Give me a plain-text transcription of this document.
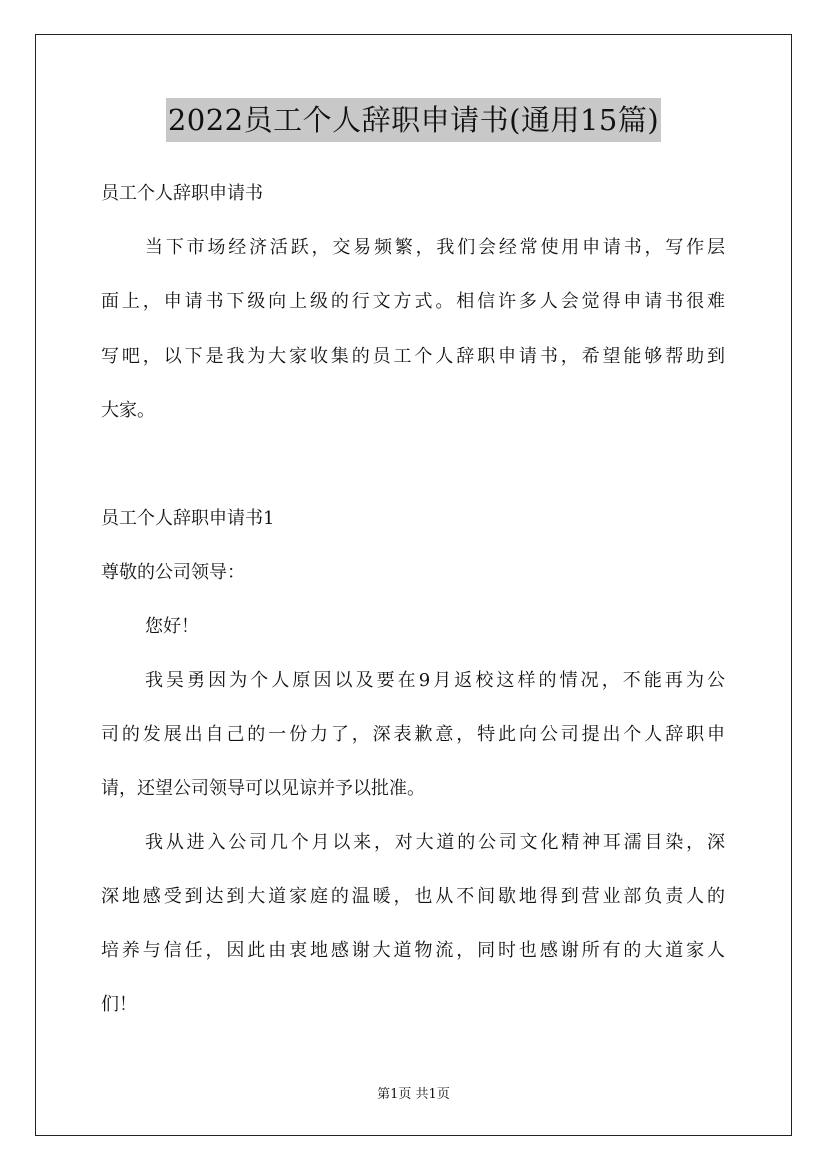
2022员工个人辞职申请书(通用15篇)
员工个人辞职申请书
当下市场经济活跃，交易频繁，我们会经常使用申请书，写作层
面上，申请书下级向上级的行文方式。相信许多人会觉得申请书很难
写吧，以下是我为大家收集的员工个人辞职申请书，希望能够帮助到
大家。
员工个人辞职申请书1
尊敬的公司领导：
您好！
我吴勇因为个人原因以及要在9月返校这样的情况，不能再为公
司的发展出自己的一份力了，深表歉意，特此向公司提出个人辞职申
请，还望公司领导可以见谅并予以批准。
我从进入公司几个月以来，对大道的公司文化精神耳濡目染，深
深地感受到达到大道家庭的温暖，也从不间歇地得到营业部负责人的
培养与信任，因此由衷地感谢大道物流，同时也感谢所有的大道家人
们！
第1页 共1页
